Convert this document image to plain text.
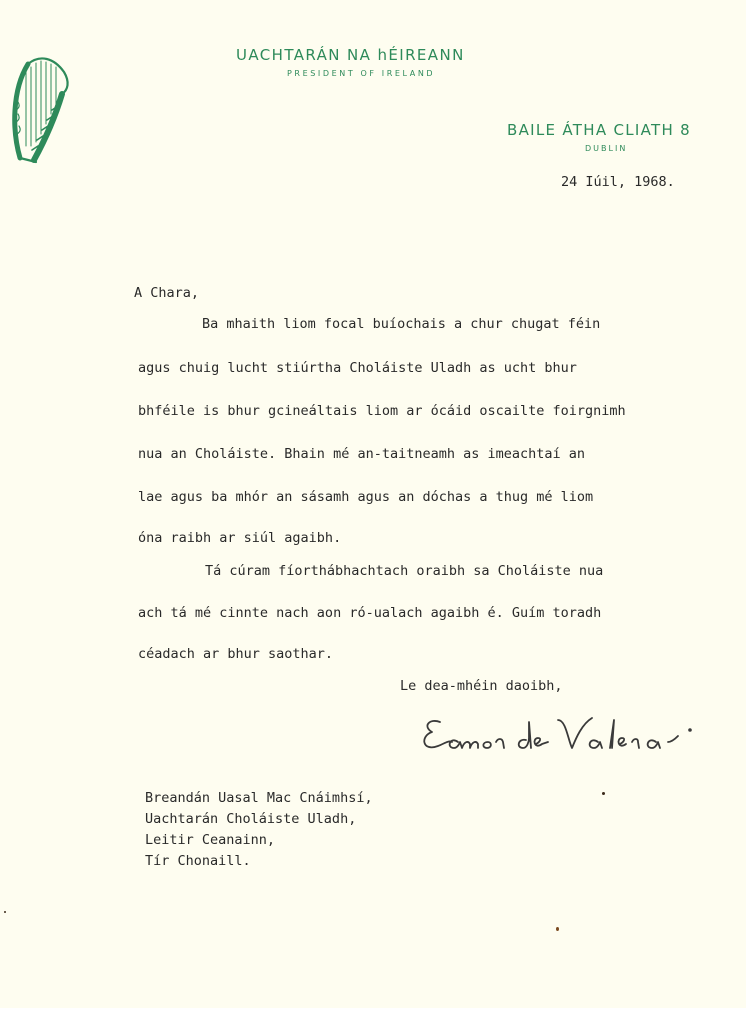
UACHTARÁN NA hÉIREANN
PRESIDENT OF IRELAND
BAILE ÁTHA CLIATH 8
DUBLIN
24 Iúil, 1968.
A Chara,
Ba mhaith liom focal buíochais a chur chugat féin
agus chuig lucht stiúrtha Choláiste Uladh as ucht bhur
bhféile is bhur gcineáltais liom ar ócáid oscailte foirgnimh
nua an Choláiste. Bhain mé an-taitneamh as imeachtaí an
lae agus ba mhór an sásamh agus an dóchas a thug mé liom
óna raibh ar siúl agaibh.
Tá cúram fíorthábhachtach oraibh sa Choláiste nua
ach tá mé cinnte nach aon ró-ualach agaibh é. Guím toradh
céadach ar bhur saothar.
Le dea-mhéin daoibh,
Breandán Uasal Mac Cnáimhsí,
Uachtarán Choláiste Uladh,
Leitir Ceanainn,
Tír Chonaill.
